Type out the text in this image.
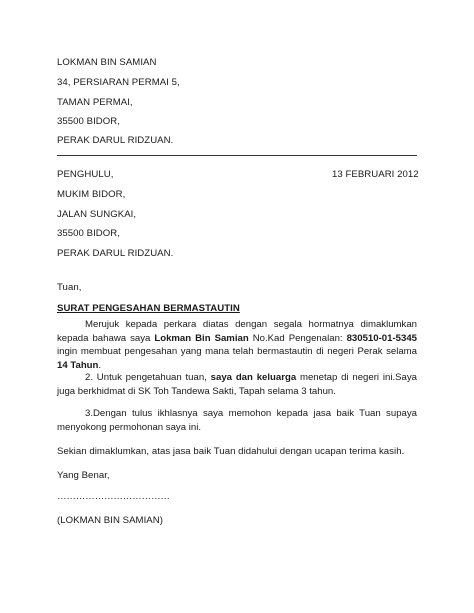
LOKMAN BIN SAMIAN
34, PERSIARAN PERMAI 5,
TAMAN PERMAI,
35500 BIDOR,
PERAK DARUL RIDZUAN.
PENGHULU,	13 FEBRUARI 2012
MUKIM BIDOR,
JALAN SUNGKAI,
35500 BIDOR,
PERAK DARUL RIDZUAN.
Tuan,
SURAT PENGESAHAN BERMASTAUTIN
Merujuk kepada perkara diatas dengan segala hormatnya dimaklumkan kepada bahawa saya Lokman Bin Samian No.Kad Pengenalan: 830510-01-5345 ingin membuat pengesahan yang mana telah bermastautin di negeri Perak selama 14 Tahun.
2. Untuk pengetahuan tuan, saya dan keluarga menetap di negeri ini.Saya juga berkhidmat di SK Toh Tandewa Sakti, Tapah selama 3 tahun.
3.Dengan tulus ikhlasnya saya memohon kepada jasa baik Tuan supaya menyokong permohonan saya ini.
Sekian dimaklumkan, atas jasa baik Tuan didahului dengan ucapan terima kasih.
Yang Benar,
………………………………
(LOKMAN BIN SAMIAN)
